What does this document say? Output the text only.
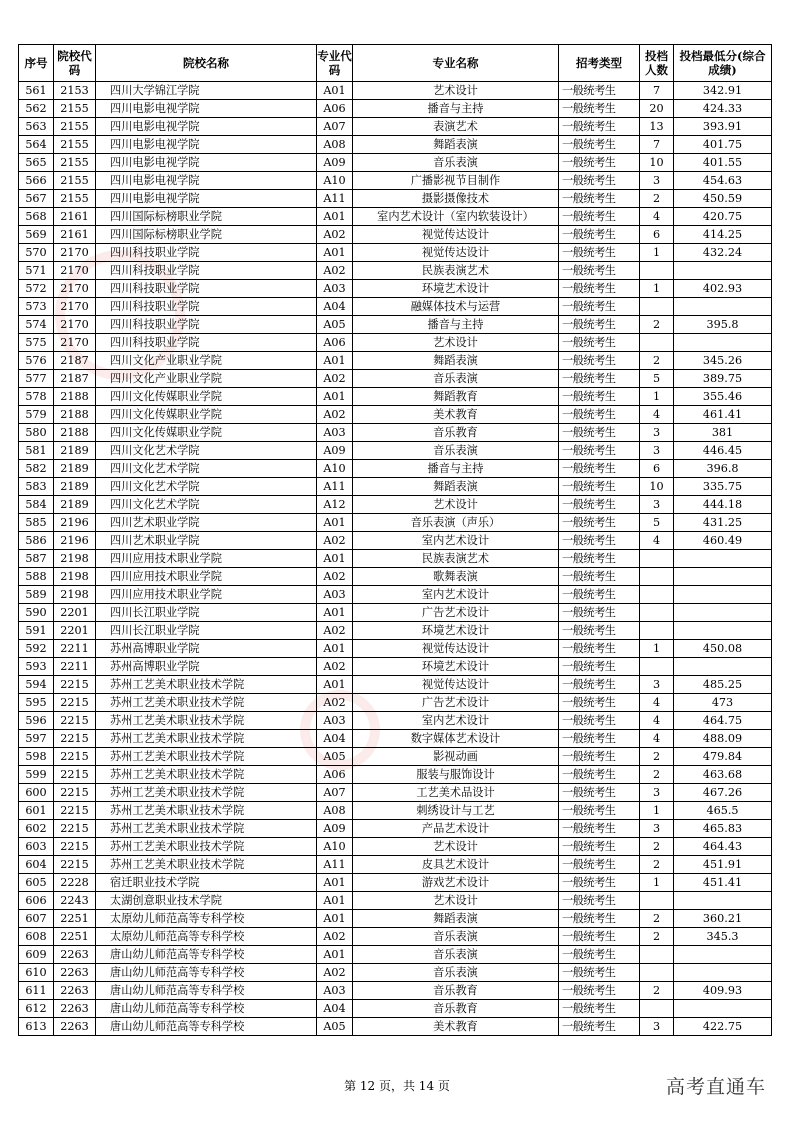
序号	院校代码	院校名称	专业代码	专业名称	招考类型	投档人数	投档最低分(综合成绩)
561	2153	四川大学锦江学院	A01	艺术设计	一般统考生	7	342.91
562	2155	四川电影电视学院	A06	播音与主持	一般统考生	20	424.33
563	2155	四川电影电视学院	A07	表演艺术	一般统考生	13	393.91
564	2155	四川电影电视学院	A08	舞蹈表演	一般统考生	7	401.75
565	2155	四川电影电视学院	A09	音乐表演	一般统考生	10	401.55
566	2155	四川电影电视学院	A10	广播影视节目制作	一般统考生	3	454.63
567	2155	四川电影电视学院	A11	摄影摄像技术	一般统考生	2	450.59
568	2161	四川国际标榜职业学院	A01	室内艺术设计（室内软装设计）	一般统考生	4	420.75
569	2161	四川国际标榜职业学院	A02	视觉传达设计	一般统考生	6	414.25
570	2170	四川科技职业学院	A01	视觉传达设计	一般统考生	1	432.24
571	2170	四川科技职业学院	A02	民族表演艺术	一般统考生		
572	2170	四川科技职业学院	A03	环境艺术设计	一般统考生	1	402.93
573	2170	四川科技职业学院	A04	融媒体技术与运营	一般统考生		
574	2170	四川科技职业学院	A05	播音与主持	一般统考生	2	395.8
575	2170	四川科技职业学院	A06	艺术设计	一般统考生		
576	2187	四川文化产业职业学院	A01	舞蹈表演	一般统考生	2	345.26
577	2187	四川文化产业职业学院	A02	音乐表演	一般统考生	5	389.75
578	2188	四川文化传媒职业学院	A01	舞蹈教育	一般统考生	1	355.46
579	2188	四川文化传媒职业学院	A02	美术教育	一般统考生	4	461.41
580	2188	四川文化传媒职业学院	A03	音乐教育	一般统考生	3	381
581	2189	四川文化艺术学院	A09	音乐表演	一般统考生	3	446.45
582	2189	四川文化艺术学院	A10	播音与主持	一般统考生	6	396.8
583	2189	四川文化艺术学院	A11	舞蹈表演	一般统考生	10	335.75
584	2189	四川文化艺术学院	A12	艺术设计	一般统考生	3	444.18
585	2196	四川艺术职业学院	A01	音乐表演（声乐）	一般统考生	5	431.25
586	2196	四川艺术职业学院	A02	室内艺术设计	一般统考生	4	460.49
587	2198	四川应用技术职业学院	A01	民族表演艺术	一般统考生		
588	2198	四川应用技术职业学院	A02	歌舞表演	一般统考生		
589	2198	四川应用技术职业学院	A03	室内艺术设计	一般统考生		
590	2201	四川长江职业学院	A01	广告艺术设计	一般统考生		
591	2201	四川长江职业学院	A02	环境艺术设计	一般统考生		
592	2211	苏州高博职业学院	A01	视觉传达设计	一般统考生	1	450.08
593	2211	苏州高博职业学院	A02	环境艺术设计	一般统考生		
594	2215	苏州工艺美术职业技术学院	A01	视觉传达设计	一般统考生	3	485.25
595	2215	苏州工艺美术职业技术学院	A02	广告艺术设计	一般统考生	4	473
596	2215	苏州工艺美术职业技术学院	A03	室内艺术设计	一般统考生	4	464.75
597	2215	苏州工艺美术职业技术学院	A04	数字媒体艺术设计	一般统考生	4	488.09
598	2215	苏州工艺美术职业技术学院	A05	影视动画	一般统考生	2	479.84
599	2215	苏州工艺美术职业技术学院	A06	服装与服饰设计	一般统考生	2	463.68
600	2215	苏州工艺美术职业技术学院	A07	工艺美术品设计	一般统考生	3	467.26
601	2215	苏州工艺美术职业技术学院	A08	刺绣设计与工艺	一般统考生	1	465.5
602	2215	苏州工艺美术职业技术学院	A09	产品艺术设计	一般统考生	3	465.83
603	2215	苏州工艺美术职业技术学院	A10	艺术设计	一般统考生	2	464.43
604	2215	苏州工艺美术职业技术学院	A11	皮具艺术设计	一般统考生	2	451.91
605	2228	宿迁职业技术学院	A01	游戏艺术设计	一般统考生	1	451.41
606	2243	太湖创意职业技术学院	A01	艺术设计	一般统考生		
607	2251	太原幼儿师范高等专科学校	A01	舞蹈表演	一般统考生	2	360.21
608	2251	太原幼儿师范高等专科学校	A02	音乐表演	一般统考生	2	345.3
609	2263	唐山幼儿师范高等专科学校	A01	音乐表演	一般统考生		
610	2263	唐山幼儿师范高等专科学校	A02	音乐表演	一般统考生		
611	2263	唐山幼儿师范高等专科学校	A03	音乐教育	一般统考生	2	409.93
612	2263	唐山幼儿师范高等专科学校	A04	音乐教育	一般统考生		
613	2263	唐山幼儿师范高等专科学校	A05	美术教育	一般统考生	3	422.75
第 12 页，共 14 页	高考直通车
